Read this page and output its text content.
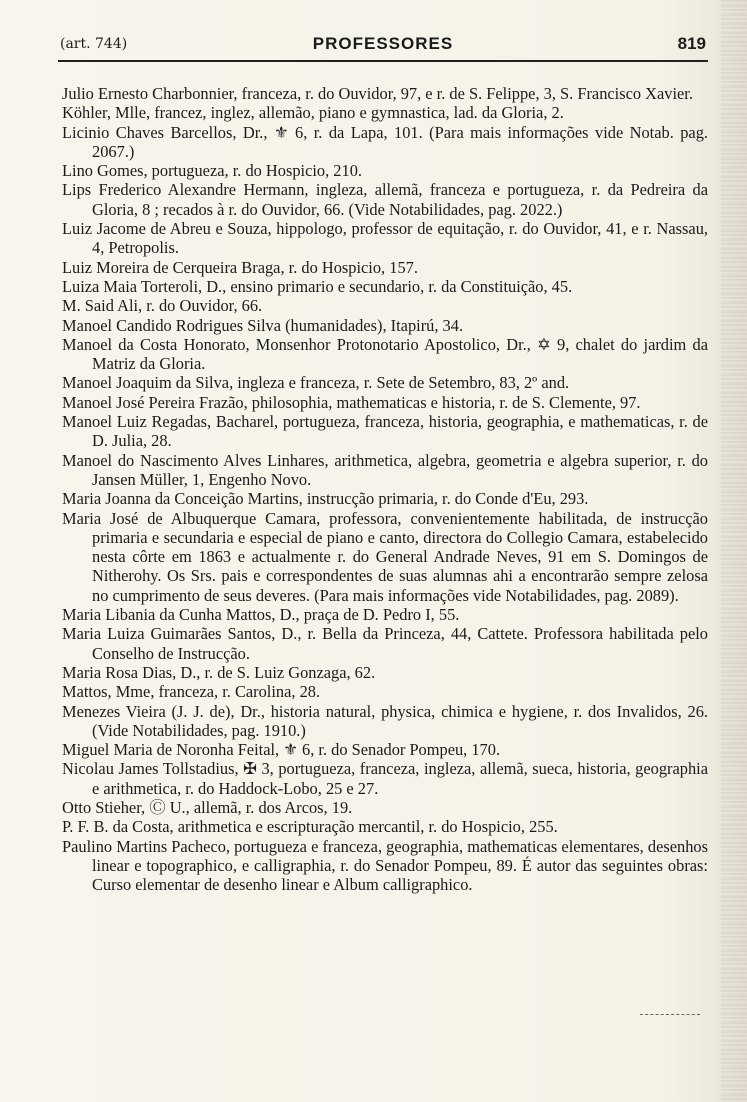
(art. 744)	PROFESSORES	819
Julio Ernesto Charbonnier, franceza, r. do Ouvidor, 97, e r. de S. Felippe, 3, S. Francisco Xavier.
Köhler, Mlle, francez, inglez, allemão, piano e gymnastica, lad. da Gloria, 2.
Licinio Chaves Barcellos, Dr., ⚜ 6, r. da Lapa, 101. (Para mais informações vide Notab. pag. 2067.)
Lino Gomes, portugueza, r. do Hospicio, 210.
Lips Frederico Alexandre Hermann, ingleza, allemã, franceza e portugueza, r. da Pedreira da Gloria, 8 ; recados à r. do Ouvidor, 66. (Vide Notabilidades, pag. 2022.)
Luiz Jacome de Abreu e Souza, hippologo, professor de equitação, r. do Ouvidor, 41, e r. Nassau, 4, Petropolis.
Luiz Moreira de Cerqueira Braga, r. do Hospicio, 157.
Luiza Maia Torteroli, D., ensino primario e secundario, r. da Constituição, 45.
M. Said Ali, r. do Ouvidor, 66.
Manoel Candido Rodrigues Silva (humanidades), Itapirú, 34.
Manoel da Costa Honorato, Monsenhor Protonotario Apostolico, Dr., ✡ 9, chalet do jardim da Matriz da Gloria.
Manoel Joaquim da Silva, ingleza e franceza, r. Sete de Setembro, 83, 2º and.
Manoel José Pereira Frazão, philosophia, mathematicas e historia, r. de S. Clemente, 97.
Manoel Luiz Regadas, Bacharel, portugueza, franceza, historia, geographia, e mathematicas, r. de D. Julia, 28.
Manoel do Nascimento Alves Linhares, arithmetica, algebra, geometria e algebra superior, r. do Jansen Müller, 1, Engenho Novo.
Maria Joanna da Conceição Martins, instrucção primaria, r. do Conde d'Eu, 293.
Maria José de Albuquerque Camara, professora, convenientemente habilitada, de instrucção primaria e secundaria e especial de piano e canto, directora do Collegio Camara, estabelecido nesta côrte em 1863 e actualmente r. do General Andrade Neves, 91 em S. Domingos de Nitherohy. Os Srs. pais e correspondentes de suas alumnas ahi a encontrarão sempre zelosa no cumprimento de seus deveres. (Para mais informações vide Notabilidades, pag. 2089).
Maria Libania da Cunha Mattos, D., praça de D. Pedro I, 55.
Maria Luiza Guimarães Santos, D., r. Bella da Princeza, 44, Cattete. Professora habilitada pelo Conselho de Instrucção.
Maria Rosa Dias, D., r. de S. Luiz Gonzaga, 62.
Mattos, Mme, franceza, r. Carolina, 28.
Menezes Vieira (J. J. de), Dr., historia natural, physica, chimica e hygiene, r. dos Invalidos, 26. (Vide Notabilidades, pag. 1910.)
Miguel Maria de Noronha Feital, ⚜ 6, r. do Senador Pompeu, 170.
Nicolau James Tollstadius, ✠ 3, portugueza, franceza, ingleza, allemã, sueca, historia, geographia e arithmetica, r. do Haddock-Lobo, 25 e 27.
Otto Stieher, Ⓒ U., allemã, r. dos Arcos, 19.
P. F. B. da Costa, arithmetica e escripturação mercantil, r. do Hospicio, 255.
Paulino Martins Pacheco, portugueza e franceza, geographia, mathematicas elementares, desenhos linear e topographico, e calligraphia, r. do Senador Pompeu, 89. É autor das seguintes obras: Curso elementar de desenho linear e Album calligraphico.
